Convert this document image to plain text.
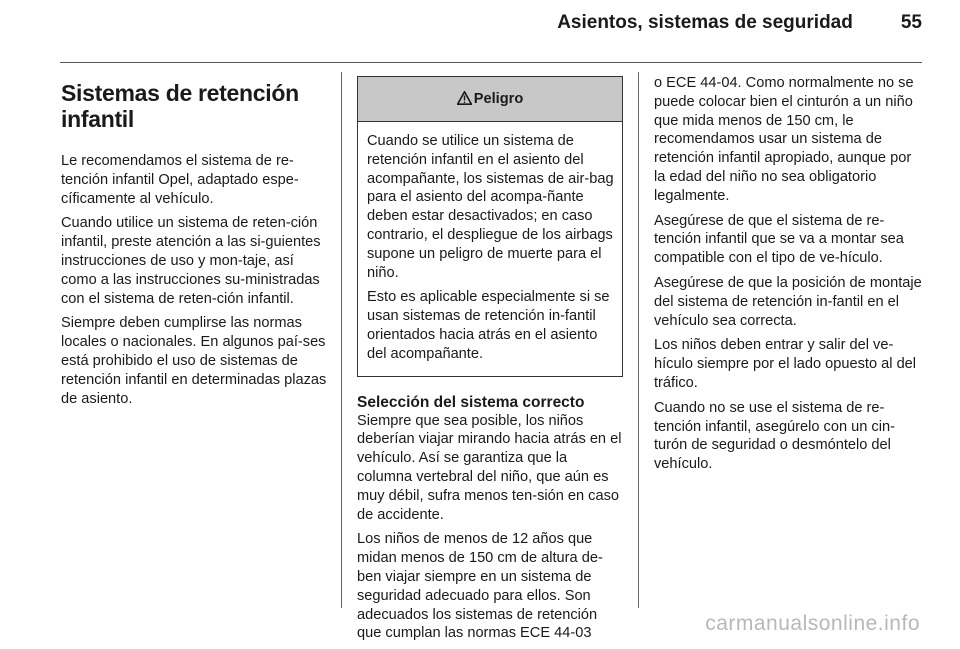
Asientos, sistemas de seguridad	55
Sistemas de retención
infantil

Le recomendamos el sistema de re-tención infantil Opel, adaptado espe-cíficamente al vehículo.

Cuando utilice un sistema de reten-ción infantil, preste atención a las si-guientes instrucciones de uso y mon-taje, así como a las instrucciones su-ministradas con el sistema de reten-ción infantil.

Siempre deben cumplirse las normas locales o nacionales. En algunos paí-ses está prohibido el uso de sistemas de retención infantil en determinadas plazas de asiento.

Peligro

Cuando se utilice un sistema de retención infantil en el asiento del acompañante, los sistemas de air-bag para el asiento del acompa-ñante deben estar desactivados; en caso contrario, el despliegue de los airbags supone un peligro de muerte para el niño.

Esto es aplicable especialmente si se usan sistemas de retención in-fantil orientados hacia atrás en el asiento del acompañante.

Selección del sistema correcto

Siempre que sea posible, los niños deberían viajar mirando hacia atrás en el vehículo. Así se garantiza que la columna vertebral del niño, que aún es muy débil, sufra menos ten-sión en caso de accidente.

Los niños de menos de 12 años que midan menos de 150 cm de altura de-ben viajar siempre en un sistema de seguridad adecuado para ellos. Son adecuados los sistemas de retención que cumplan las normas ECE 44-03

o ECE 44-04. Como normalmente no se puede colocar bien el cinturón a un niño que mida menos de 150 cm, le recomendamos usar un sistema de retención infantil apropiado, aunque por la edad del niño no sea obligatorio legalmente.

Asegúrese de que el sistema de re-tención infantil que se va a montar sea compatible con el tipo de ve-hículo.

Asegúrese de que la posición de montaje del sistema de retención in-fantil en el vehículo sea correcta.

Los niños deben entrar y salir del ve-hículo siempre por el lado opuesto al del tráfico.

Cuando no se use el sistema de re-tención infantil, asegúrelo con un cin-turón de seguridad o desmóntelo del vehículo.

carmanualsonline.info
